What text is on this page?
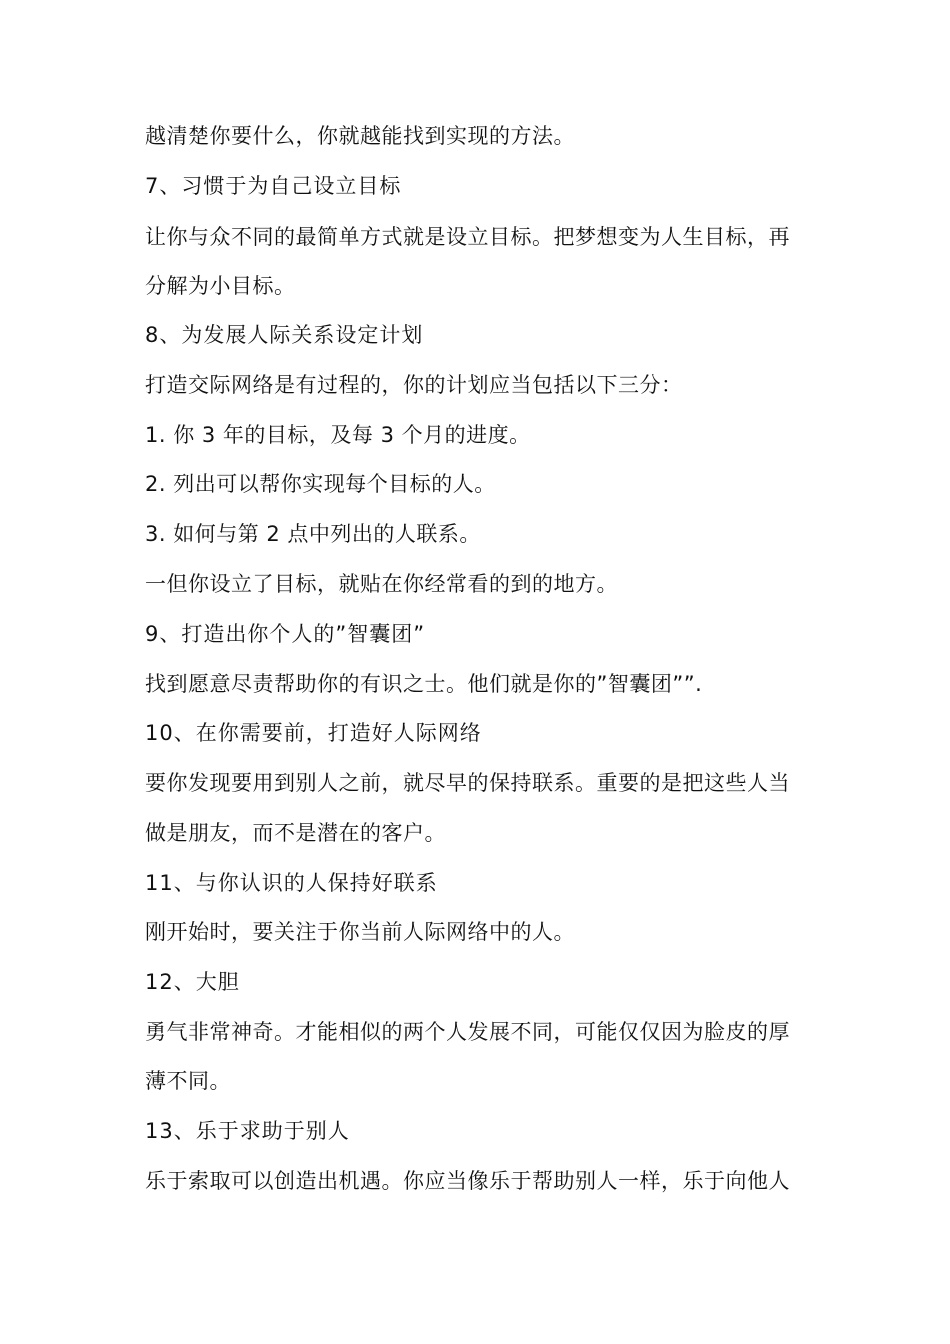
越清楚你要什么，你就越能找到实现的方法。
7、习惯于为自己设立目标
让你与众不同的最简单方式就是设立目标。把梦想变为人生目标，再
分解为小目标。
8、为发展人际关系设定计划
打造交际网络是有过程的，你的计划应当包括以下三分：
1. 你 3 年的目标，及每 3 个月的进度。
2. 列出可以帮你实现每个目标的人。
3. 如何与第 2 点中列出的人联系。
一但你设立了目标，就贴在你经常看的到的地方。
9、打造出你个人的”智囊团”
找到愿意尽责帮助你的有识之士。他们就是你的”智囊团””.
10、在你需要前，打造好人际网络
要你发现要用到别人之前，就尽早的保持联系。重要的是把这些人当
做是朋友，而不是潜在的客户。
11、与你认识的人保持好联系
刚开始时，要关注于你当前人际网络中的人。
12、大胆
勇气非常神奇。才能相似的两个人发展不同，可能仅仅因为脸皮的厚
薄不同。
13、乐于求助于别人
乐于索取可以创造出机遇。你应当像乐于帮助别人一样，乐于向他人
